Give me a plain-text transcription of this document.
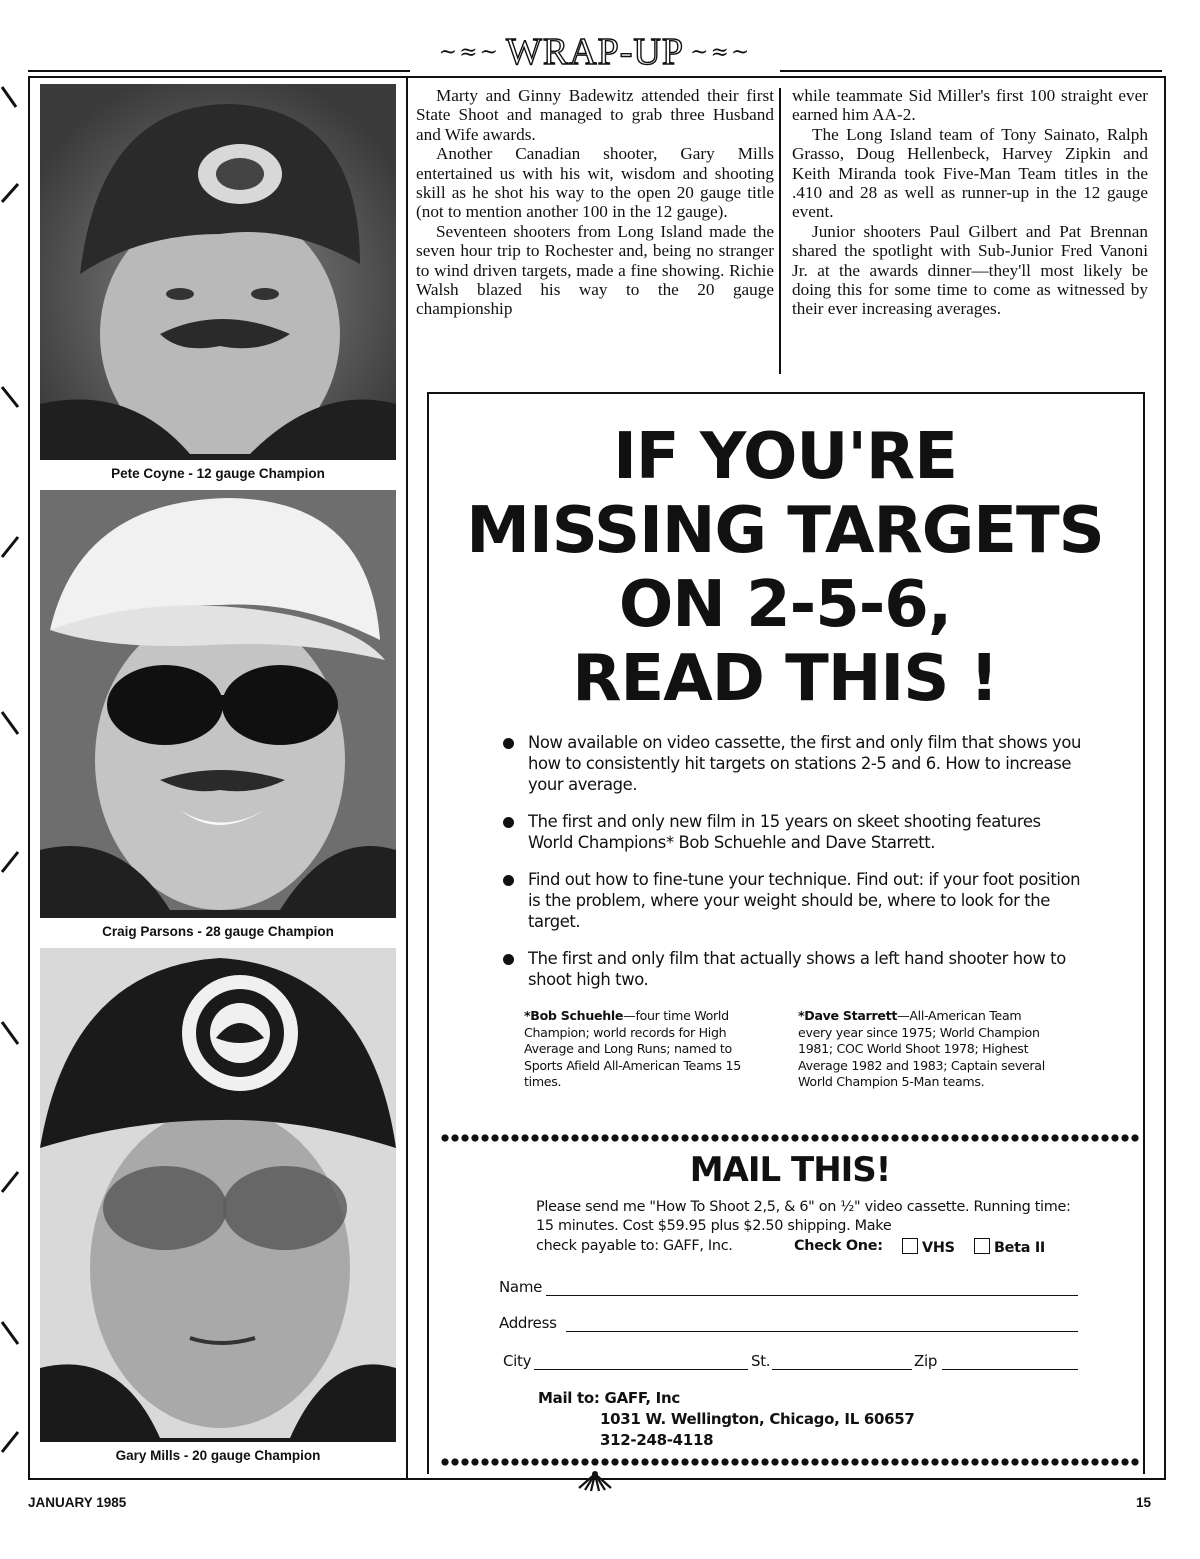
~≈~ WRAP-UP ~≈~
Pete Coyne - 12 gauge Champion
Craig Parsons - 28 gauge Champion
Gary Mills - 20 gauge Champion

Marty and Ginny Badewitz attended their first State Shoot and managed to grab three Husband and Wife awards.

Another Canadian shooter, Gary Mills entertained us with his wit, wisdom and shooting skill as he shot his way to the open 20 gauge title (not to mention another 100 in the 12 gauge).

Seventeen shooters from Long Island made the seven hour trip to Rochester and, being no stranger to wind driven targets, made a fine showing. Richie Walsh blazed his way to the 20 gauge championship

while teammate Sid Miller's first 100 straight ever earned him AA-2.

The Long Island team of Tony Sainato, Ralph Grasso, Doug Hellenbeck, Harvey Zipkin and Keith Miranda took Five-Man Team titles in the .410 and 28 as well as runner-up in the 12 gauge event.

Junior shooters Paul Gilbert and Pat Brennan shared the spotlight with Sub-Junior Fred Vanoni Jr. at the awards dinner—they'll most likely be doing this for some time to come as witnessed by their ever increasing averages.

IF YOU'RE
MISSING TARGETS
ON 2-5-6,
READ THIS !
Now available on video cassette, the first and only film that shows you how to consistently hit targets on stations 2-5 and 6. How to increase your average.
The first and only new film in 15 years on skeet shooting features World Champions* Bob Schuehle and Dave Starrett.
Find out how to fine-tune your technique. Find out: if your foot position is the problem, where your weight should be, where to look for the target.
The first and only film that actually shows a left hand shooter how to shoot high two.
*Bob Schuehle—four time World Champion; world records for High Average and Long Runs; named to Sports Afield All-American Teams 15 times.
*Dave Starrett—All-American Team every year since 1975; World Champion 1981; COC World Shoot 1978; Highest Average 1982 and 1983; Captain several World Champion 5-Man teams.
MAIL THIS!
Please send me "How To Shoot 2,5, & 6" on ½" video cassette. Running time: 15 minutes. Cost $59.95 plus $2.50 shipping. Make
check payable to: GAFF, Inc.	Check One:	VHS	Beta II
Name
Address
City	St.	Zip
Mail to: GAFF, Inc
1031 W. Wellington, Chicago, IL 60657
312-248-4118
JANUARY 1985	15
